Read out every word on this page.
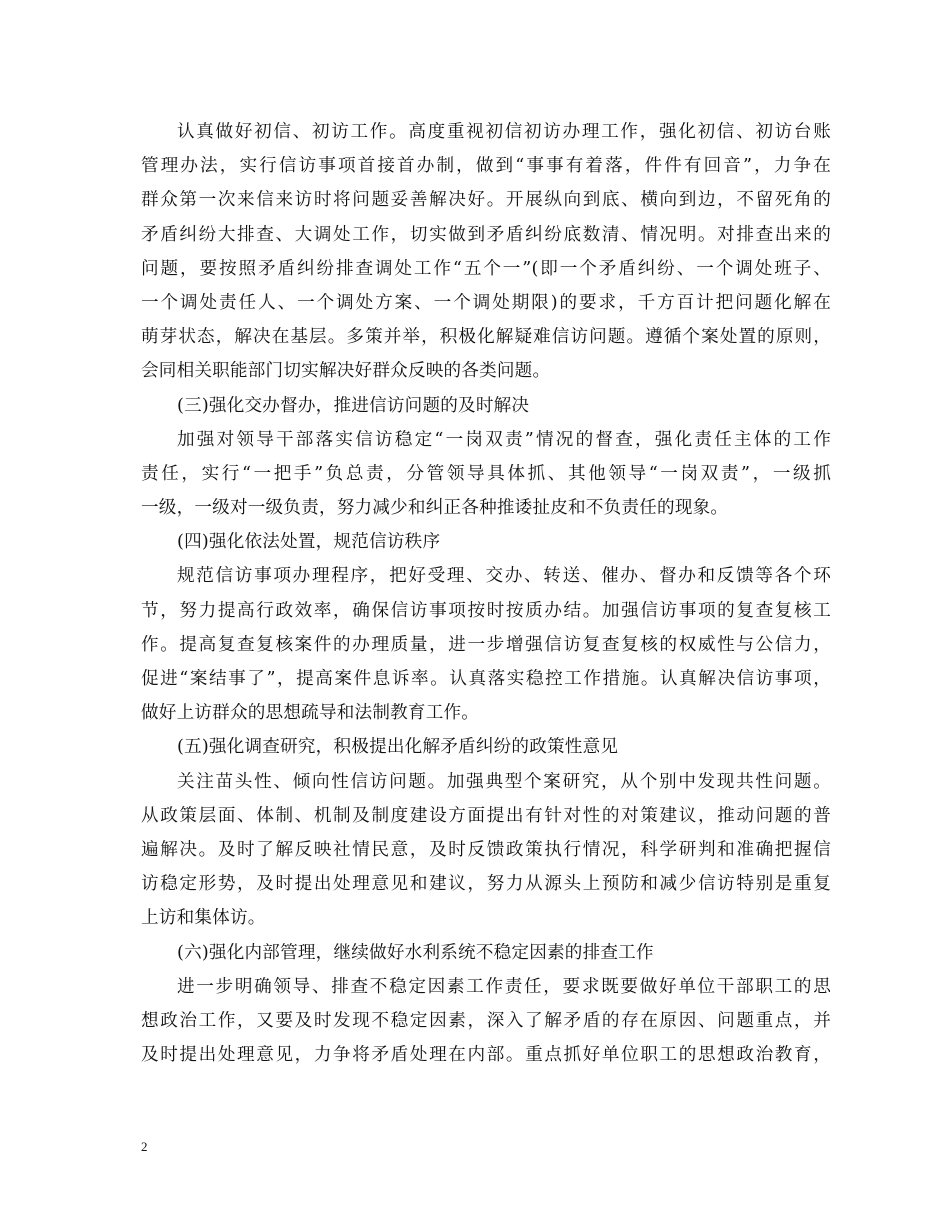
认真做好初信、初访工作。高度重视初信初访办理工作，强化初信、初访台账
管理办法，实行信访事项首接首办制，做到“事事有着落，件件有回音”，力争在
群众第一次来信来访时将问题妥善解决好。开展纵向到底、横向到边，不留死角的
矛盾纠纷大排查、大调处工作，切实做到矛盾纠纷底数清、情况明。对排查出来的
问题，要按照矛盾纠纷排查调处工作“五个一”(即一个矛盾纠纷、一个调处班子、
一个调处责任人、一个调处方案、一个调处期限)的要求，千方百计把问题化解在
萌芽状态，解决在基层。多策并举，积极化解疑难信访问题。遵循个案处置的原则，
会同相关职能部门切实解决好群众反映的各类问题。
(三)强化交办督办，推进信访问题的及时解决
加强对领导干部落实信访稳定“一岗双责”情况的督查，强化责任主体的工作
责任，实行“一把手”负总责，分管领导具体抓、其他领导“一岗双责”，一级抓
一级，一级对一级负责，努力减少和纠正各种推诿扯皮和不负责任的现象。
(四)强化依法处置，规范信访秩序
规范信访事项办理程序，把好受理、交办、转送、催办、督办和反馈等各个环
节，努力提高行政效率，确保信访事项按时按质办结。加强信访事项的复查复核工
作。提高复查复核案件的办理质量，进一步增强信访复查复核的权威性与公信力，
促进“案结事了”，提高案件息诉率。认真落实稳控工作措施。认真解决信访事项，
做好上访群众的思想疏导和法制教育工作。
(五)强化调查研究，积极提出化解矛盾纠纷的政策性意见
关注苗头性、倾向性信访问题。加强典型个案研究，从个别中发现共性问题。
从政策层面、体制、机制及制度建设方面提出有针对性的对策建议，推动问题的普
遍解决。及时了解反映社情民意，及时反馈政策执行情况，科学研判和准确把握信
访稳定形势，及时提出处理意见和建议，努力从源头上预防和减少信访特别是重复
上访和集体访。
(六)强化内部管理，继续做好水利系统不稳定因素的排查工作
进一步明确领导、排查不稳定因素工作责任，要求既要做好单位干部职工的思
想政治工作，又要及时发现不稳定因素，深入了解矛盾的存在原因、问题重点，并
及时提出处理意见，力争将矛盾处理在内部。重点抓好单位职工的思想政治教育，
2
